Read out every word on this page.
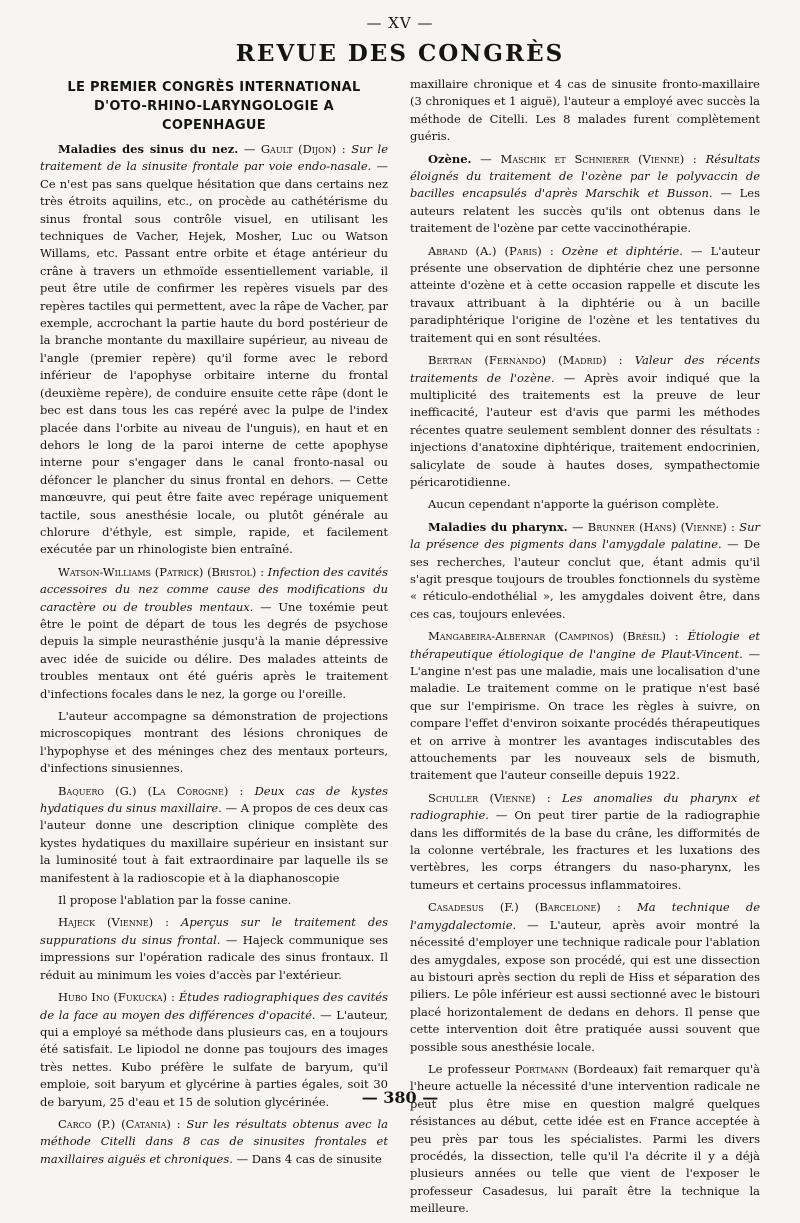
— XV —
REVUE DES CONGRÈS
LE PREMIER CONGRÈS INTERNATIONAL
D'OTO-RHINO-LARYNGOLOGIE A COPENHAGUE

Maladies des sinus du nez. — Gault (Dijon) : Sur le traitement de la sinusite frontale par voie endo-nasale. — Ce n'est pas sans quelque hésitation que dans certains nez très étroits aquilins, etc., on procède au cathétérisme du sinus frontal sous contrôle visuel, en utilisant les techniques de Vacher, Hejek, Mosher, Luc ou Watson Willams, etc. Passant entre orbite et étage antérieur du crâne à travers un ethmoïde essentiellement variable, il peut être utile de confirmer les repères visuels par des repères tactiles qui permettent, avec la râpe de Vacher, par exemple, accrochant la partie haute du bord postérieur de la branche montante du maxillaire supérieur, au niveau de l'angle (premier repère) qu'il forme avec le rebord inférieur de l'apophyse orbitaire interne du frontal (deuxième repère), de conduire ensuite cette râpe (dont le bec est dans tous les cas repéré avec la pulpe de l'index placée dans l'orbite au niveau de l'unguis), en haut et en dehors le long de la paroi interne de cette apophyse interne pour s'engager dans le canal fronto-nasal ou défoncer le plancher du sinus frontal en dehors. — Cette manœuvre, qui peut être faite avec repérage uniquement tactile, sous anesthésie locale, ou plutôt générale au chlorure d'éthyle, est simple, rapide, et facilement exécutée par un rhinologiste bien entraîné.

Watson-Williams (Patrick) (Bristol) : Infection des cavités accessoires du nez comme cause des modifications du caractère ou de troubles mentaux. — Une toxémie peut être le point de départ de tous les degrés de psychose depuis la simple neurasthénie jusqu'à la manie dépressive avec idée de suicide ou délire. Des malades atteints de troubles mentaux ont été guéris après le traitement d'infections focales dans le nez, la gorge ou l'oreille.

L'auteur accompagne sa démonstration de projections microscopiques montrant des lésions chroniques de l'hypophyse et des méninges chez des mentaux porteurs, d'infections sinusiennes.

Baquero (G.) (La Corogne) : Deux cas de kystes hydatiques du sinus maxillaire. — A propos de ces deux cas l'auteur donne une description clinique complète des kystes hydatiques du maxillaire supérieur en insistant sur la luminosité tout à fait extraordinaire par laquelle ils se manifestent à la radioscopie et à la diaphanoscopie

Il propose l'ablation par la fosse canine.

Hajeck (Vienne) : Aperçus sur le traitement des suppurations du sinus frontal. — Hajeck communique ses impressions sur l'opération radicale des sinus frontaux. Il réduit au minimum les voies d'accès par l'extérieur.

Hubo Ino (Fukucka) : Études radiographiques des cavités de la face au moyen des différences d'opacité. — L'auteur, qui a employé sa méthode dans plusieurs cas, en a toujours été satisfait. Le lipiodol ne donne pas toujours des images très nettes. Kubo préfère le sulfate de baryum, qu'il emploie, soit baryum et glycérine à parties égales, soit 30 de baryum, 25 d'eau et 15 de solution glycérinée.

Carco (P.) (Catania) : Sur les résultats obtenus avec la méthode Citelli dans 8 cas de sinusites frontales et maxillaires aiguës et chroniques. — Dans 4 cas de sinusite

maxillaire chronique et 4 cas de sinusite fronto-maxillaire (3 chroniques et 1 aiguë), l'auteur a employé avec succès la méthode de Citelli. Les 8 malades furent complètement guéris.

Ozène. — Maschik et Schnierer (Vienne) : Résultats éloignés du traitement de l'ozène par le polyvaccin de bacilles encapsulés d'après Marschik et Busson. — Les auteurs relatent les succès qu'ils ont obtenus dans le traitement de l'ozène par cette vaccinothérapie.

Abrand (A.) (Paris) : Ozène et diphtérie. — L'auteur présente une observation de diphtérie chez une personne atteinte d'ozène et à cette occasion rappelle et discute les travaux attribuant à la diphtérie ou à un bacille paradiphtérique l'origine de l'ozène et les tentatives du traitement qui en sont résultées.

Bertran (Fernando) (Madrid) : Valeur des récents traitements de l'ozène. — Après avoir indiqué que la multiplicité des traitements est la preuve de leur inefficacité, l'auteur est d'avis que parmi les méthodes récentes quatre seulement semblent donner des résultats : injections d'anatoxine diphtérique, traitement endocrinien, salicylate de soude à hautes doses, sympathectomie péricarotidienne.

Aucun cependant n'apporte la guérison complète.

Maladies du pharynx. — Brunner (Hans) (Vienne) : Sur la présence des pigments dans l'amygdale palatine. — De ses recherches, l'auteur conclut que, étant admis qu'il s'agit presque toujours de troubles fonctionnels du système « réticulo-endothélial », les amygdales doivent être, dans ces cas, toujours enlevées.

Mangabeira-Albernar (Campinos) (Brésil) : Étiologie et thérapeutique étiologique de l'angine de Plaut-Vincent. — L'angine n'est pas une maladie, mais une localisation d'une maladie. Le traitement comme on le pratique n'est basé que sur l'empirisme. On trace les règles à suivre, on compare l'effet d'environ soixante procédés thérapeutiques et on arrive à montrer les avantages indiscutables des attouchements par les nouveaux sels de bismuth, traitement que l'auteur conseille depuis 1922.

Schuller (Vienne) : Les anomalies du pharynx et radiographie. — On peut tirer partie de la radiographie dans les difformités de la base du crâne, les difformités de la colonne vertébrale, les fractures et les luxations des vertèbres, les corps étrangers du naso-pharynx, les tumeurs et certains processus inflammatoires.

Casadesus (F.) (Barcelone) : Ma technique de l'amygdalectomie. — L'auteur, après avoir montré la nécessité d'employer une technique radicale pour l'ablation des amygdales, expose son procédé, qui est une dissection au bistouri après section du repli de Hiss et séparation des piliers. Le pôle inférieur est aussi sectionné avec le bistouri placé horizontalement de dedans en dehors. Il pense que cette intervention doit être pratiquée aussi souvent que possible sous anesthésie locale.

Le professeur Portmann (Bordeaux) fait remarquer qu'à l'heure actuelle la nécessité d'une intervention radicale ne peut plus être mise en question malgré quelques résistances au début, cette idée est en France acceptée à peu près par tous les spécialistes. Parmi les divers procédés, la dissection, telle qu'il l'a décrite il y a déjà plusieurs années ou telle que vient de l'exposer le professeur Casadesus, lui paraît être la technique la meilleure.

— 380 —
